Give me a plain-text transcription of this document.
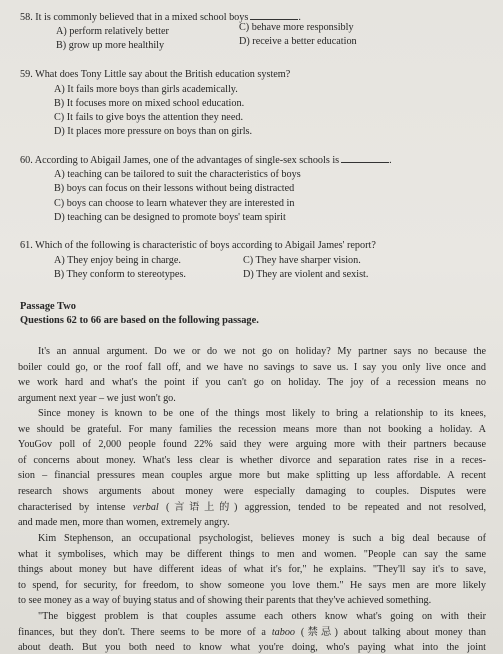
58. It is commonly believed that in a mixed school boys	.
A) perform relatively better	C) behave more responsibly
B) grow up more healthily	D) receive a better education
59. What does Tony Little say about the British education system?
A) It fails more boys than girls academically.
B) It focuses more on mixed school education.
C) It fails to give boys the attention they need.
D) It places more pressure on boys than on girls.
60. According to Abigail James, one of the advantages of single-sex schools is	.
A) teaching can be tailored to suit the characteristics of boys
B) boys can focus on their lessons without being distracted
C) boys can choose to learn whatever they are interested in
D) teaching can be designed to promote boys' team spirit
61. Which of the following is characteristic of boys according to Abigail James' report?
A) They enjoy being in charge.	C) They have sharper vision.
B) They conform to stereotypes.	D) They are violent and sexist.
Passage Two
Questions 62 to 66 are based on the following passage.
It's an annual argument. Do we or do we not go on holiday? My partner says no because the
boiler could go, or the roof fall off, and we have no savings to save us. I say you only live once and
we work hard and what's the point if you can't go on holiday. The joy of a recession means no
argument next year – we just won't go.
Since money is known to be one of the things most likely to bring a relationship to its knees,
we should be grateful. For many families the recession means more than not booking a holiday. A
YouGov poll of 2,000 people found 22% said they were arguing more with their partners because
of concerns about money. What's less clear is whether divorce and separation rates rise in a reces-
sion – financial pressures mean couples argue more but make splitting up less affordable. A recent
research shows arguments about money were especially damaging to couples. Disputes were
characterised by intense verbal (言语上的) aggression, tended to be repeated and not resolved,
and made men, more than women, extremely angry.
Kim Stephenson, an occupational psychologist, believes money is such a big deal because of
what it symbolises, which may be different things to men and women. "People can say the same
things about money but have different ideas of what it's for," he explains. "They'll say it's to save,
to spend, for security, for freedom, to show someone you love them." He says men are more likely
to see money as a way of buying status and of showing their parents that they've achieved something.
"The biggest problem is that couples assume each others know what's going on with their
finances, but they don't. There seems to be more of a taboo (禁忌) about talking about money than
about death. But you both need to know what you're doing, who's paying what into the joint
